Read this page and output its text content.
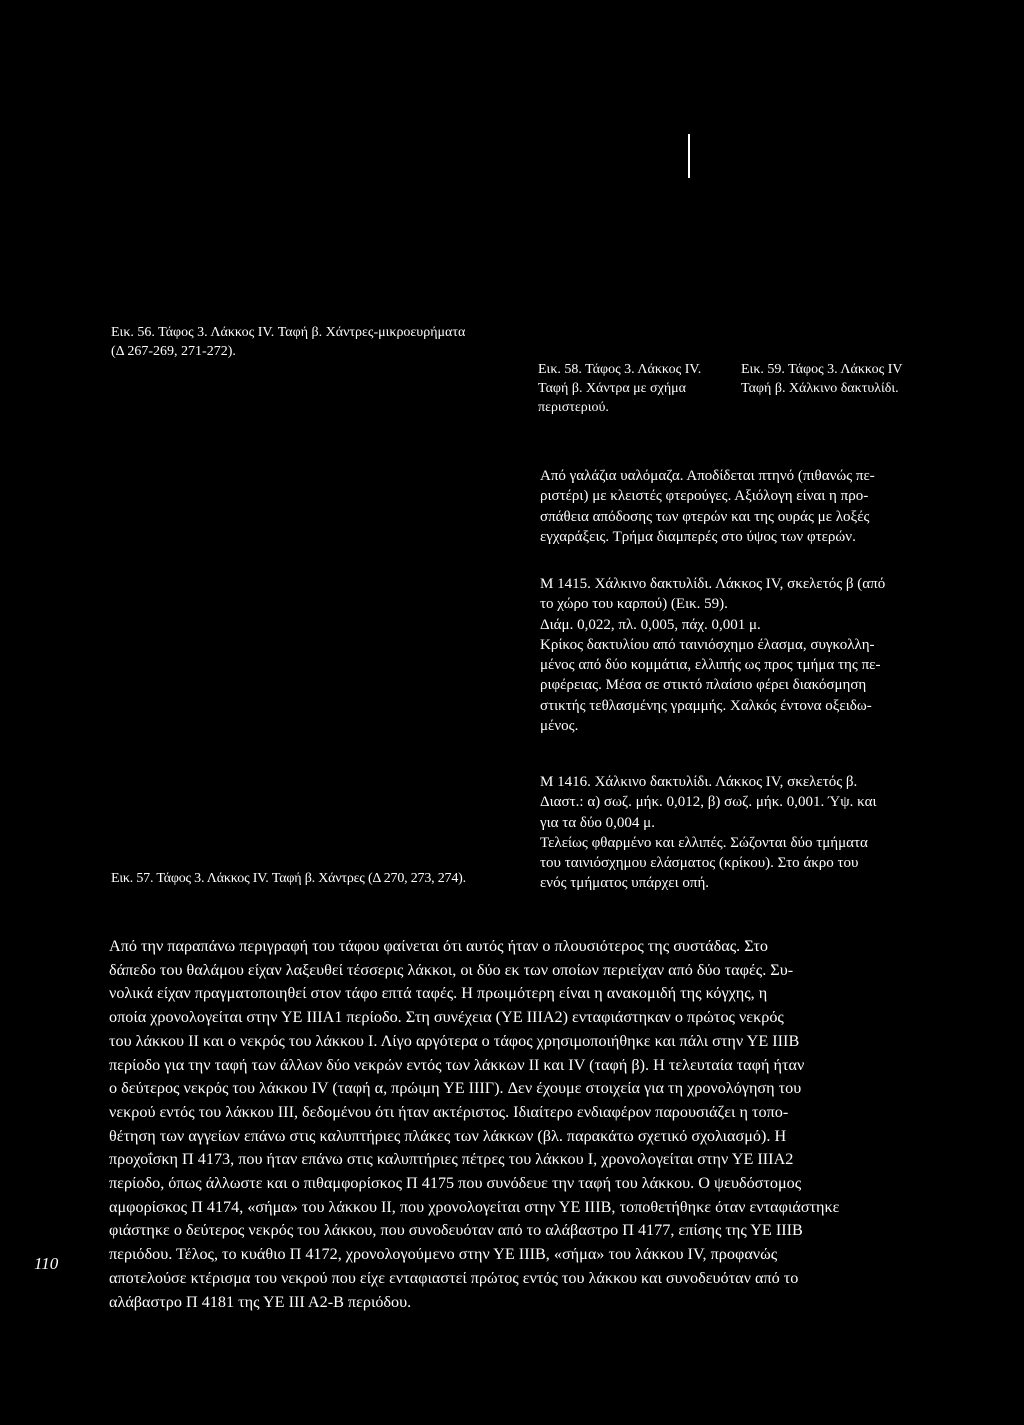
Εικ. 56. Τάφος 3. Λάκκος IV. Ταφή β. Χάντρες-μικροευρήματα
(Δ 267-269, 271-272).
Εικ. 58. Τάφος 3. Λάκκος IV.
Ταφή β. Χάντρα με σχήμα
περιστεριού.
Εικ. 59. Τάφος 3. Λάκκος IV
Ταφή β. Χάλκινο δακτυλίδι.
Εικ. 57. Τάφος 3. Λάκκος IV. Ταφή β. Χάντρες (Δ 270, 273, 274).

Από γαλάζια υαλόμαζα. Αποδίδεται πτηνό (πιθανώς πε-

ριστέρι) με κλειστές φτερούγες. Αξιόλογη είναι η προ-

σπάθεια απόδοσης των φτερών και της ουράς με λοξές

εγχαράξεις. Τρήμα διαμπερές στο ύψος των φτερών.

Μ 1415. Χάλκινο δακτυλίδι. Λάκκος IV, σκελετός β (από

το χώρο του καρπού) (Εικ. 59).

Διάμ. 0,022, πλ. 0,005, πάχ. 0,001 μ.

Κρίκος δακτυλίου από ταινιόσχημο έλασμα, συγκολλη-

μένος από δύο κομμάτια, ελλιπής ως προς τμήμα της πε-

ριφέρειας. Μέσα σε στικτό πλαίσιο φέρει διακόσμηση

στικτής τεθλασμένης γραμμής. Χαλκός έντονα οξειδω-

μένος.

Μ 1416. Χάλκινο δακτυλίδι. Λάκκος IV, σκελετός β.

Διαστ.: α) σωζ. μήκ. 0,012, β) σωζ. μήκ. 0,001. Ύψ. και

για τα δύο 0,004 μ.

Τελείως φθαρμένο και ελλιπές. Σώζονται δύο τμήματα

του ταινιόσχημου ελάσματος (κρίκου). Στο άκρο του

ενός τμήματος υπάρχει οπή.

Από την παραπάνω περιγραφή του τάφου φαίνεται ότι αυτός ήταν ο πλουσιότερος της συστάδας. Στο

δάπεδο του θαλάμου είχαν λαξευθεί τέσσερις λάκκοι, οι δύο εκ των οποίων περιείχαν από δύο ταφές. Συ-

νολικά είχαν πραγματοποιηθεί στον τάφο επτά ταφές. Η πρωιμότερη είναι η ανακομιδή της κόγχης, η

οποία χρονολογείται στην ΥΕ ΙΙΙΑ1 περίοδο. Στη συνέχεια (ΥΕ ΙΙΙΑ2) ενταφιάστηκαν ο πρώτος νεκρός

του λάκκου ΙΙ και ο νεκρός του λάκκου Ι. Λίγο αργότερα ο τάφος χρησιμοποιήθηκε και πάλι στην ΥΕ ΙΙΙΒ

περίοδο για την ταφή των άλλων δύο νεκρών εντός των λάκκων ΙΙ και IV (ταφή β). Η τελευταία ταφή ήταν

ο δεύτερος νεκρός του λάκκου IV (ταφή α, πρώιμη ΥΕ ΙΙΙΓ). Δεν έχουμε στοιχεία για τη χρονολόγηση του

νεκρού εντός του λάκκου ΙΙΙ, δεδομένου ότι ήταν ακτέριστος. Ιδιαίτερο ενδιαφέρον παρουσιάζει η τοπο-

θέτηση των αγγείων επάνω στις καλυπτήριες πλάκες των λάκκων (βλ. παρακάτω σχετικό σχολιασμό). Η

προχοΐσκη Π 4173, που ήταν επάνω στις καλυπτήριες πέτρες του λάκκου Ι, χρονολογείται στην ΥΕ ΙΙΙΑ2

περίοδο, όπως άλλωστε και ο πιθαμφορίσκος Π 4175 που συνόδευε την ταφή του λάκκου. Ο ψευδόστομος

αμφορίσκος Π 4174, «σήμα» του λάκκου ΙΙ, που χρονολογείται στην ΥΕ ΙΙΙΒ, τοποθετήθηκε όταν ενταφιάστηκε

φιάστηκε ο δεύτερος νεκρός του λάκκου, που συνοδευόταν από το αλάβαστρο Π 4177, επίσης της ΥΕ ΙΙΙΒ

περιόδου. Τέλος, το κυάθιο Π 4172, χρονολογούμενο στην ΥΕ ΙΙΙΒ, «σήμα» του λάκκου IV, προφανώς

αποτελούσε κτέρισμα του νεκρού που είχε ενταφιαστεί πρώτος εντός του λάκκου και συνοδευόταν από το

αλάβαστρο Π 4181 της ΥΕ ΙΙΙ Α2-Β περιόδου.

110
